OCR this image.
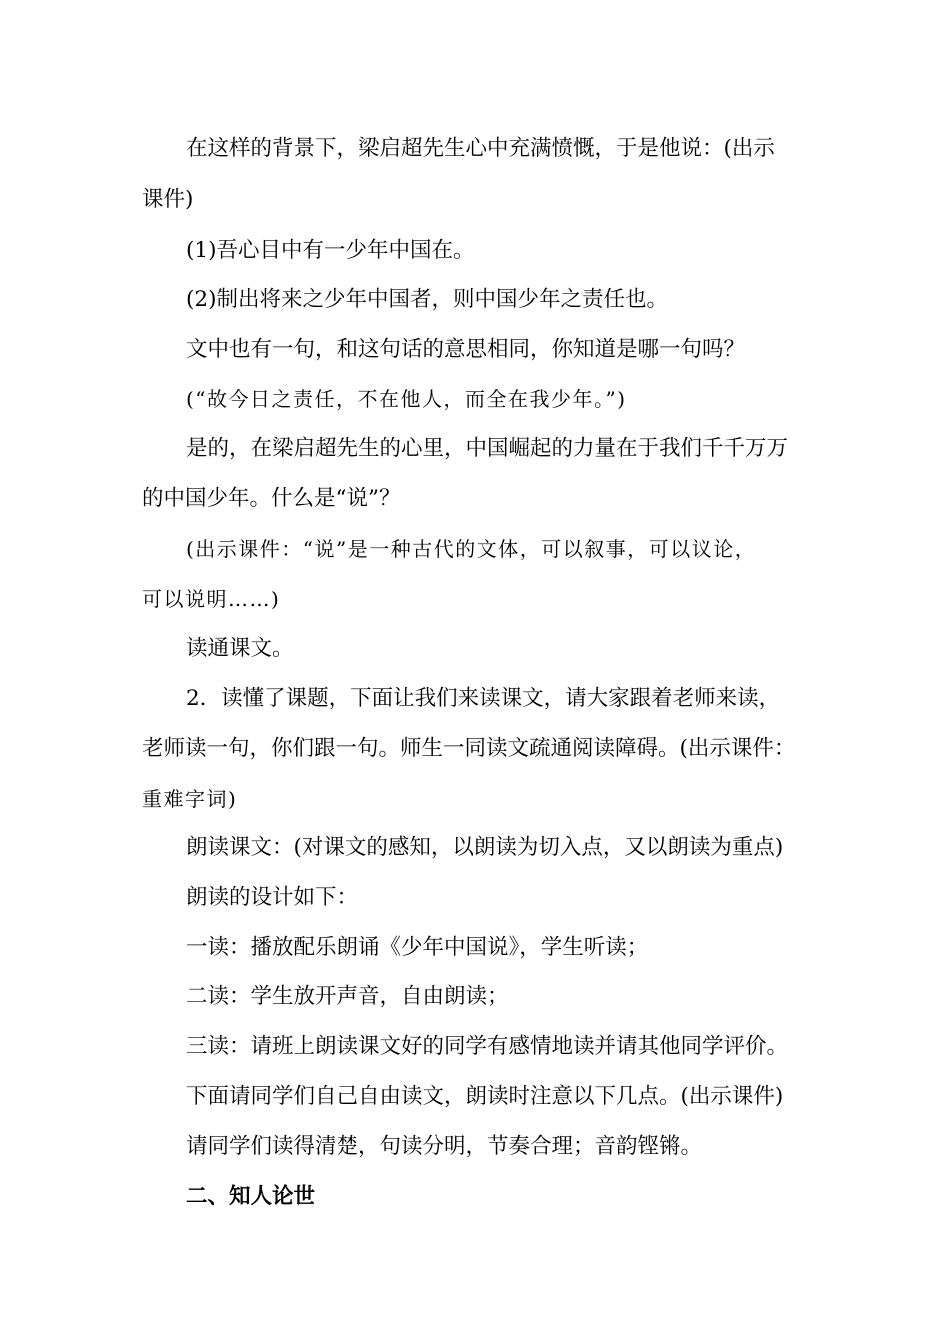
在这样的背景下，梁启超先生心中充满愤慨，于是他说：(出示
课件)
(1)吾心目中有一少年中国在。
(2)制出将来之少年中国者，则中国少年之责任也。
文中也有一句，和这句话的意思相同，你知道是哪一句吗？
(“故今日之责任，不在他人，而全在我少年。”)
是的，在梁启超先生的心里，中国崛起的力量在于我们千千万万
的中国少年。什么是“说”？
(出示课件：“说”是一种古代的文体，可以叙事，可以议论，
可以说明……)
读通课文。
2．读懂了课题，下面让我们来读课文，请大家跟着老师来读，
老师读一句，你们跟一句。师生一同读文疏通阅读障碍。(出示课件：
重难字词)
朗读课文：(对课文的感知，以朗读为切入点，又以朗读为重点)
朗读的设计如下：
一读：播放配乐朗诵《少年中国说》，学生听读；
二读：学生放开声音，自由朗读；
三读：请班上朗读课文好的同学有感情地读并请其他同学评价。
下面请同学们自己自由读文，朗读时注意以下几点。(出示课件)
请同学们读得清楚，句读分明，节奏合理；音韵铿锵。
二、知人论世
